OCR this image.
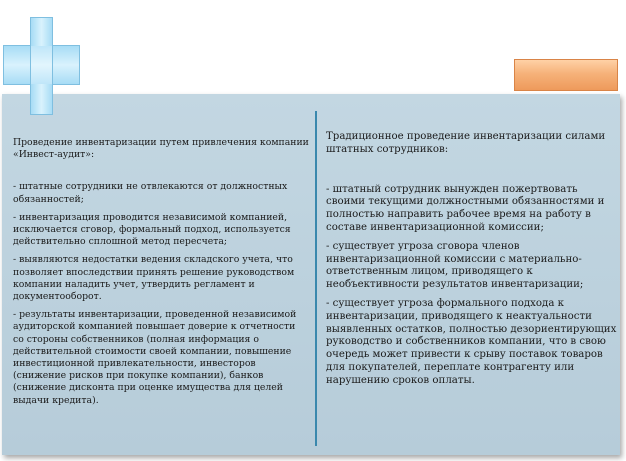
Проведение инвентаризации путем привлечения компании «Инвест-аудит»:

- штатные сотрудники не отвлекаются от должностных обязанностей;

- инвентаризация проводится независимой компанией, исключается сговор, формальный подход, используется действительно сплошной метод пересчета;

- выявляются недостатки ведения складского учета, что позволяет впоследствии принять решение руководством компании наладить учет, утвердить регламент и документооборот.

- результаты инвентаризации, проведенной независимой аудиторской компанией повышает доверие к отчетности со стороны собственников (полная информация о действительной стоимости своей компании, повышение инвестиционной привлекательности, инвесторов (снижение рисков при покупке компании), банков (снижение дисконта при оценке имущества для целей выдачи кредита).

Традиционное проведение инвентаризации силами штатных сотрудников:

- штатный сотрудник вынужден пожертвовать своими текущими должностными обязанностями и полностью направить рабочее время на работу в составе инвентаризационной комиссии;

- существует угроза сговора членов инвентаризационной комиссии с материально-ответственным лицом, приводящего к необъективности результатов инвентаризации;

- существует угроза формального подхода к инвентаризации, приводящего к неактуальности выявленных остатков, полностью дезориентирующих руководство и собственников компании, что в свою очередь может привести к срыву поставок товаров для покупателей, переплате контрагенту или нарушению сроков оплаты.
